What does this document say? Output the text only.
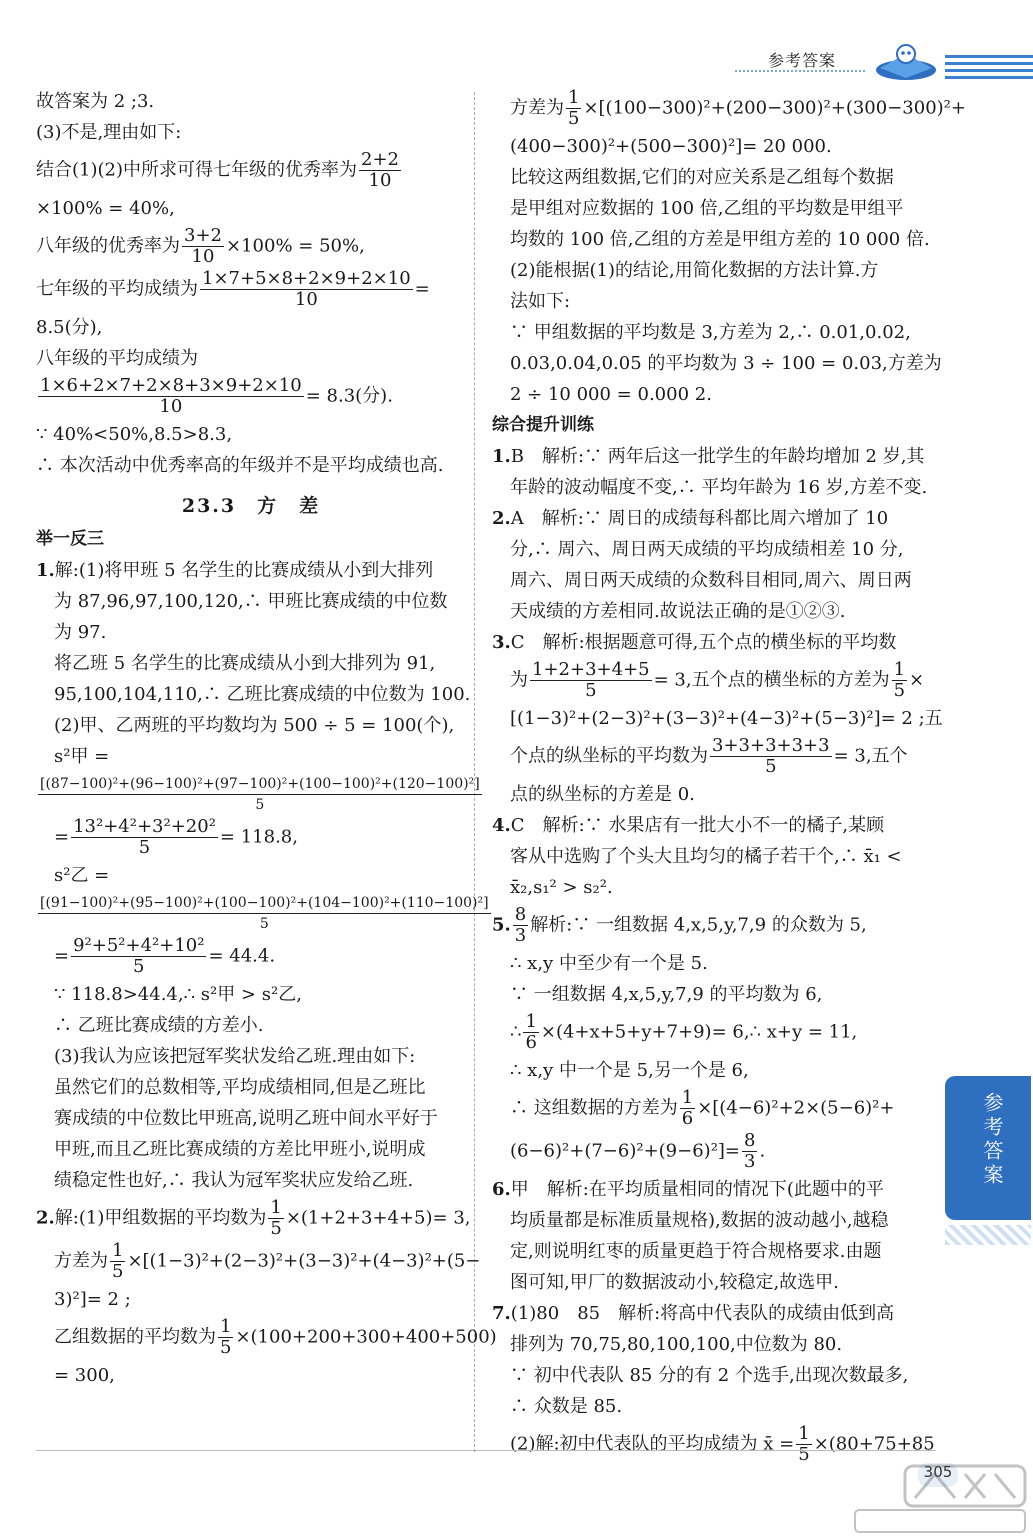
参考答案
故答案为 2 ;3.
(3)不是,理由如下:
结合(1)(2)中所求可得七年级的优秀率为 $\frac{2+2}{10}$
×100% = 40%,
八年级的优秀率为 $\frac{3+2}{10} \times 100\% = 50\%$,
七年级的平均成绩为 $\frac{1\times 7+5\times 8+2\times 9+2\times 10}{10}$ =
8.5(分),
八年级的平均成绩为
$\frac{1\times 6+2\times 7+2\times 8+3\times 9+2\times 10}{10} = 8.3$(分).
∵ 40%<50%,8.5>8.3,
∴ 本次活动中优秀率高的年级并不是平均成绩也高.
23.3　方　差
举一反三
1.解:(1)将甲班 5 名学生的比赛成绩从小到大排列
为 87,96,97,100,120,∴ 甲班比赛成绩的中位数
为 97.
将乙班 5 名学生的比赛成绩从小到大排列为 91,
95,100,104,110,∴ 乙班比赛成绩的中位数为 100.
(2)甲、乙两班的平均数均为 500 ÷ 5 = 100(个),
s²甲 =
$\frac{\text{[(87−100)²+(96−100)²+(97−100)²+(100−100)²+(120−100)²]}}{5}$
= $\frac{\text{13²+4²+3²+20²}}{5} = 118.8$,
s²乙 =
$\frac{\text{[(91−100)²+(95−100)²+(100−100)²+(104−100)²+(110−100)²]}}{5}$
= $\frac{\text{9²+5²+4²+10²}}{5} = 44.4$.
∵ 118.8>44.4,∴ s²甲 > s²乙,
∴ 乙班比赛成绩的方差小.
(3)我认为应该把冠军奖状发给乙班.理由如下:
虽然它们的总数相等,平均成绩相同,但是乙班比
赛成绩的中位数比甲班高,说明乙班中间水平好于
甲班,而且乙班比赛成绩的方差比甲班小,说明成
绩稳定性也好,∴ 我认为冠军奖状应发给乙班.
2.解:(1)甲组数据的平均数为 $\frac{1}{5} \times(1+2+3+4+5)= 3$,
方差为 $\frac{1}{5} \times[(1-3)^2+(2-3)^2+(3-3)^2+(4-3)^2+(5-$
3)²]= 2 ;
乙组数据的平均数为 $\frac{1}{5} \times(100+200+300+400+500)$
= 300,
方差为 $\frac{1}{5} \times[(100-300)^2+(200-300)^2+(300-300)^2+$
(400−300)²+(500−300)²]= 20 000.
比较这两组数据,它们的对应关系是乙组每个数据
是甲组对应数据的 100 倍,乙组的平均数是甲组平
均数的 100 倍,乙组的方差是甲组方差的 10 000 倍.
(2)能根据(1)的结论,用简化数据的方法计算.方
法如下:
∵ 甲组数据的平均数是 3,方差为 2,∴ 0.01,0.02,
0.03,0.04,0.05 的平均数为 3 ÷ 100 = 0.03,方差为
2 ÷ 10 000 = 0.000 2.
综合提升训练
1.B　解析:∵ 两年后这一批学生的年龄均增加 2 岁,其
年龄的波动幅度不变,∴ 平均年龄为 16 岁,方差不变.
2.A　解析:∵ 周日的成绩每科都比周六增加了 10
分,∴ 周六、周日两天成绩的平均成绩相差 10 分,
周六、周日两天成绩的众数科目相同,周六、周日两
天成绩的方差相同.故说法正确的是①②③.
3.C　解析:根据题意可得,五个点的横坐标的平均数
为 $\frac{1+2+3+4+5}{5} = 3$,五个点的横坐标的方差为 $\frac{1}{5}$ ×
[(1−3)²+(2−3)²+(3−3)²+(4−3)²+(5−3)²]= 2 ;五
个点的纵坐标的平均数为 $\frac{3+3+3+3+3}{5} = 3$,五个
点的纵坐标的方差是 0.
4.C　解析:∵ 水果店有一批大小不一的橘子,某顾
客从中选购了个头大且均匀的橘子若干个,∴ x̄₁ <
x̄₂,s₁² > s₂².
5. $\frac{8}{3}$ 解析:∵ 一组数据 4,x,5,y,7,9 的众数为 5,
∴ x,y 中至少有一个是 5.
∵ 一组数据 4,x,5,y,7,9 的平均数为 6,
∴ $\frac{1}{6} \times(4+x+5+y+7+9)=$ 6,∴ x+y = 11,
∴ x,y 中一个是 5,另一个是 6,
∴ 这组数据的方差为 $\frac{1}{6} \times[(4-6)^2+2\times(5-6)^2+$
$(6-6)^2+(7-6)^2+(9-6)^2]= \frac{8}{3}$ .
6.甲　解析:在平均质量相同的情况下(此题中的平
均质量都是标准质量规格),数据的波动越小,越稳
定,则说明红枣的质量更趋于符合规格要求.由题
图可知,甲厂的数据波动小,较稳定,故选甲.
7.(1)80　85　解析:将高中代表队的成绩由低到高
排列为 70,75,80,100,100,中位数为 80.
∵ 初中代表队 85 分的有 2 个选手,出现次数最多,
∴ 众数是 85.
(2)解:初中代表队的平均成绩为 x̄ = $\frac{1}{5} \times(80+75+85$
参考答案
305
